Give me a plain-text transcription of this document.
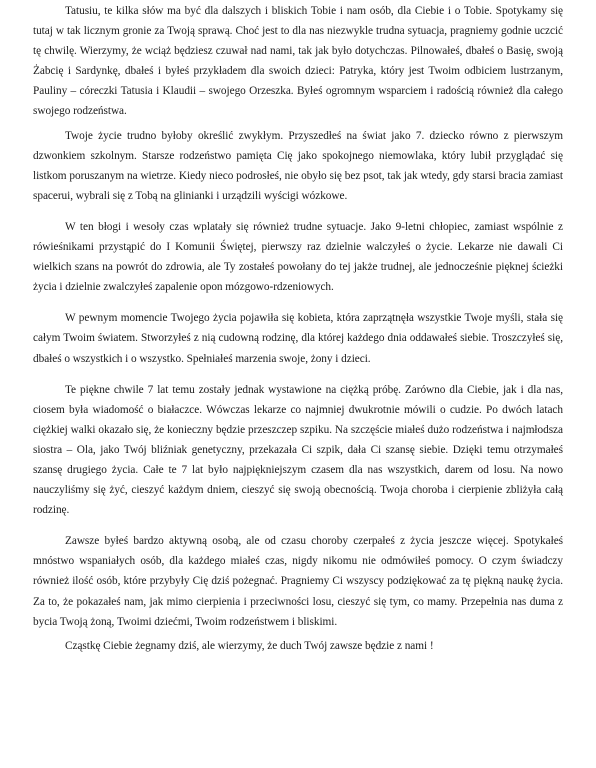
Tatusiu, te kilka słów ma być dla dalszych i bliskich Tobie i nam osób, dla Ciebie i o Tobie. Spotykamy się tutaj w tak licznym gronie za Twoją sprawą. Choć jest to dla nas niezwykle trudna sytuacja, pragniemy godnie uczcić tę chwilę. Wierzymy, że wciąż będziesz czuwał nad nami, tak jak było dotychczas. Pilnowałeś, dbałeś o Basię, swoją Żabcię i Sardynkę, dbałeś i byłeś przykładem dla swoich dzieci: Patryka, który jest Twoim odbiciem lustrzanym, Pauliny – córeczki Tatusia i Klaudii – swojego Orzeszka. Byłeś ogromnym wsparciem i radością również dla całego swojego rodzeństwa.

Twoje życie trudno byłoby określić zwykłym. Przyszedłeś na świat jako 7. dziecko równo z pierwszym dzwonkiem szkolnym. Starsze rodzeństwo pamięta Cię jako spokojnego niemowlaka, który lubił przyglądać się listkom poruszanym na wietrze. Kiedy nieco podrosłeś, nie obyło się bez psot, tak jak wtedy, gdy starsi bracia zamiast spacerui, wybrali się z Tobą na glinianki i urządzili wyścigi wózkowe.

W ten błogi i wesoły czas wplatały się również trudne sytuacje. Jako 9-letni chłopiec, zamiast wspólnie z rówieśnikami przystąpić do I Komunii Świętej, pierwszy raz dzielnie walczyłeś o życie. Lekarze nie dawali Ci wielkich szans na powrót do zdrowia, ale Ty zostałeś powołany do tej jakże trudnej, ale jednocześnie pięknej ścieżki życia i dzielnie zwalczyłeś zapalenie opon mózgowo-rdzeniowych.

W pewnym momencie Twojego życia pojawiła się kobieta, która zaprzątnęła wszystkie Twoje myśli, stała się całym Twoim światem. Stworzyłeś z nią cudowną rodzinę, dla której każdego dnia oddawałeś siebie. Troszczyłeś się, dbałeś o wszystkich i o wszystko. Spełniałeś marzenia swoje, żony i dzieci.

Te piękne chwile 7 lat temu zostały jednak wystawione na ciężką próbę. Zarówno dla Ciebie, jak i dla nas, ciosem była wiadomość o białaczce. Wówczas lekarze co najmniej dwukrotnie mówili o cudzie. Po dwóch latach ciężkiej walki okazało się, że konieczny będzie przeszczep szpiku. Na szczęście miałeś dużo rodzeństwa i najmłodsza siostra – Ola, jako Twój bliźniak genetyczny, przekazała Ci szpik, dała Ci szansę siebie. Dzięki temu otrzymałeś szansę drugiego życia. Całe te 7 lat było najpiękniejszym czasem dla nas wszystkich, darem od losu. Na nowo nauczyliśmy się żyć, cieszyć każdym dniem, cieszyć się swoją obecnością. Twoja choroba i cierpienie zbliżyła całą rodzinę.

Zawsze byłeś bardzo aktywną osobą, ale od czasu choroby czerpałeś z życia jeszcze więcej. Spotykałeś mnóstwo wspaniałych osób, dla każdego miałeś czas, nigdy nikomu nie odmówiłeś pomocy. O czym świadczy również ilość osób, które przybyły Cię dziś pożegnać. Pragniemy Ci wszyscy podziękować za tę piękną naukę życia. Za to, że pokazałeś nam, jak mimo cierpienia i przeciwności losu, cieszyć się tym, co mamy. Przepełnia nas duma z bycia Twoją żoną, Twoimi dziećmi, Twoim rodzeństwem i bliskimi.

Cząstkę Ciebie żegnamy dziś, ale wierzymy, że duch Twój zawsze będzie z nami !
